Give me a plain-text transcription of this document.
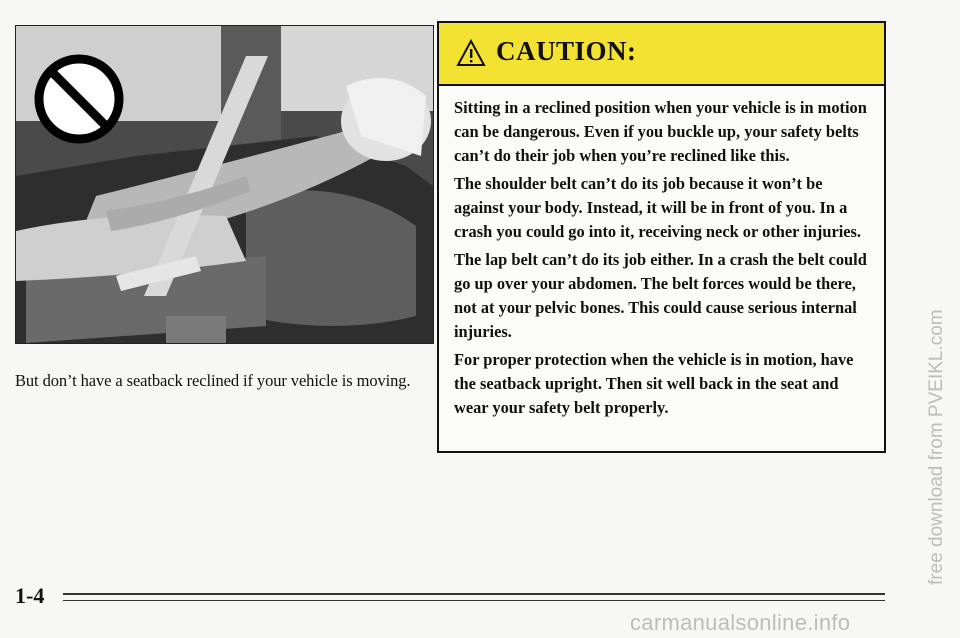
But don’t have a seatback reclined if your vehicle is moving.
CAUTION:

Sitting in a reclined position when your vehicle is in motion can be dangerous. Even if you buckle up, your safety belts can’t do their job when you’re reclined like this.

The shoulder belt can’t do its job because it won’t be against your body. Instead, it will be in front of you. In a crash you could go into it, receiving neck or other injuries.

The lap belt can’t do its job either. In a crash the belt could go up over your abdomen. The belt forces would be there, not at your pelvic bones. This could cause serious internal injuries.

For proper protection when the vehicle is in motion, have the seatback upright. Then sit well back in the seat and wear your safety belt properly.

1-4
free download from PVEIKL.com
carmanualsonline.info
